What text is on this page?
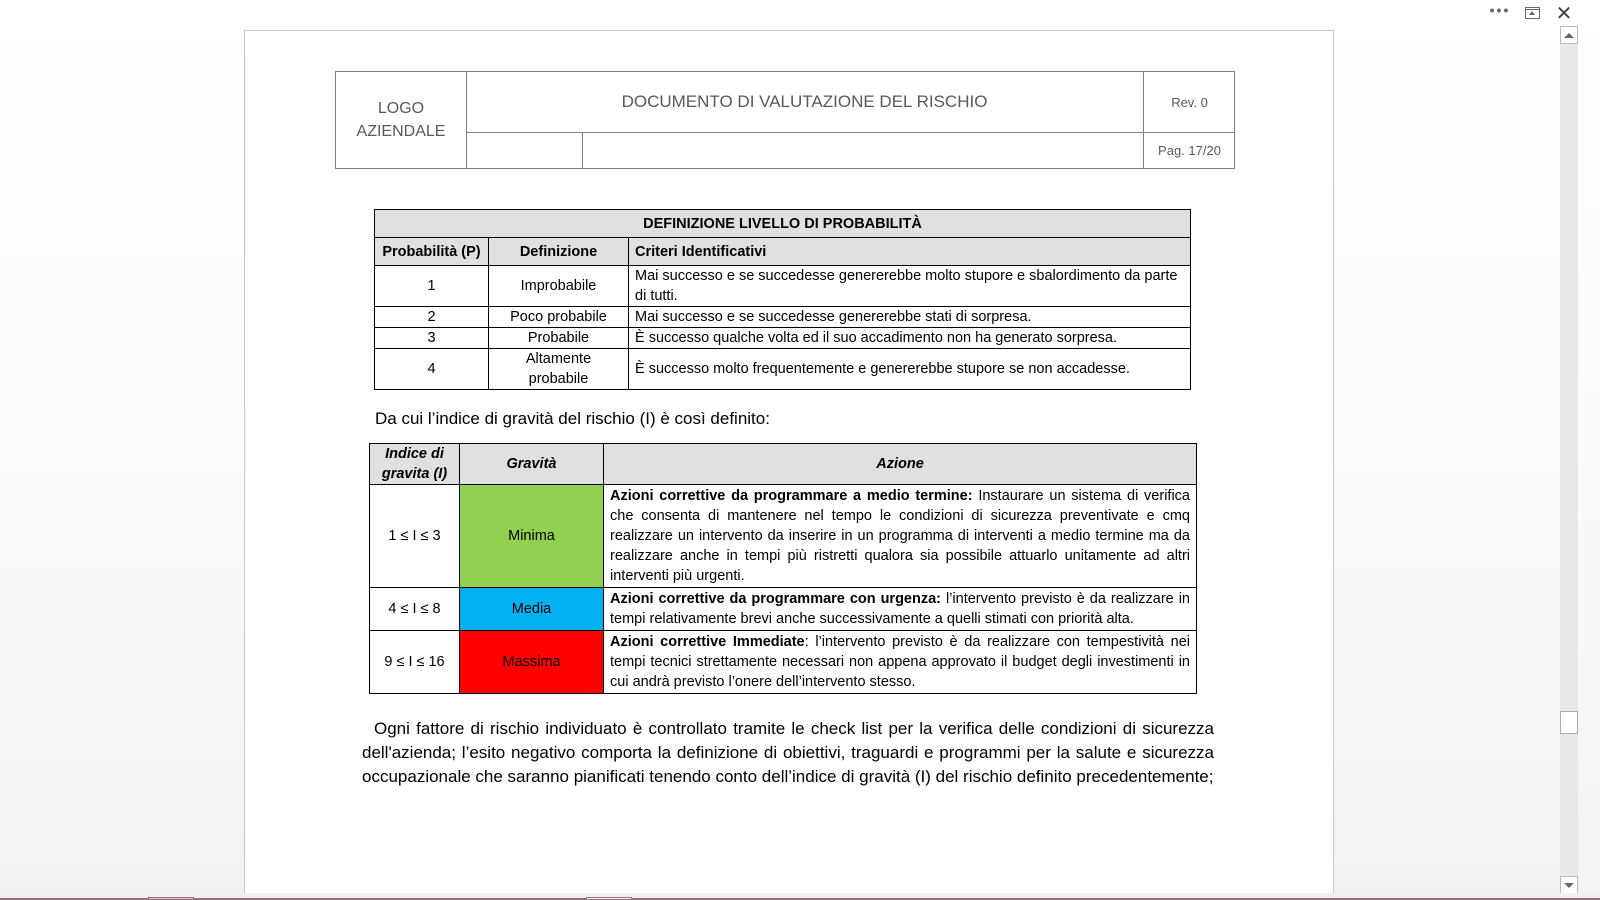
LOGO
AZIENDALE
DOCUMENTO DI VALUTAZIONE DEL RISCHIO	Rev. 0
Pag. 17/20
DEFINIZIONE LIVELLO DI PROBABILITÀ		
Probabilità (P)	Definizione	Criteri Identificativi
1	Improbabile	Mai successo e se succedesse genererebbe molto stupore e sbalordimento da parte di tutti.
2	Poco probabile	Mai successo e se succedesse genererebbe stati di sorpresa.
3	Probabile	È successo qualche volta ed il suo accadimento non ha generato sorpresa.
4	Altamente probabile	È successo molto frequentemente e genererebbe stupore se non accadesse.
Da cui l’indice di gravità del rischio (I) è così definito:
Indice di gravita (I)	Gravità	Azione
1 ≤ I ≤ 3	Minima	Azioni correttive da programmare a medio termine: Instaurare un sistema di verifica che consenta di mantenere nel tempo le condizioni di sicurezza preventivate e cmq realizzare un intervento da inserire in un programma di interventi a medio termine ma da realizzare anche in tempi più ristretti qualora sia possibile attuarlo unitamente ad altri interventi più urgenti.
4 ≤ I ≤ 8	Media	Azioni correttive da programmare con urgenza: l’intervento previsto è da realizzare in tempi relativamente brevi anche successivamente a quelli stimati con priorità alta.
9 ≤ I ≤ 16	Massima	Azioni correttive Immediate: l’intervento previsto è da realizzare con tempestività nei tempi tecnici strettamente necessari non appena approvato il budget degli investimenti in cui andrà previsto l’onere dell’intervento stesso.
Ogni fattore di rischio individuato è controllato tramite le check list per la verifica delle condizioni di sicurezza dell'azienda; l’esito negativo comporta la definizione di obiettivi, traguardi e programmi per la salute e sicurezza occupazionale che saranno pianificati tenendo conto dell’indice di gravità (I) del rischio definito precedentemente;
••• ✕
